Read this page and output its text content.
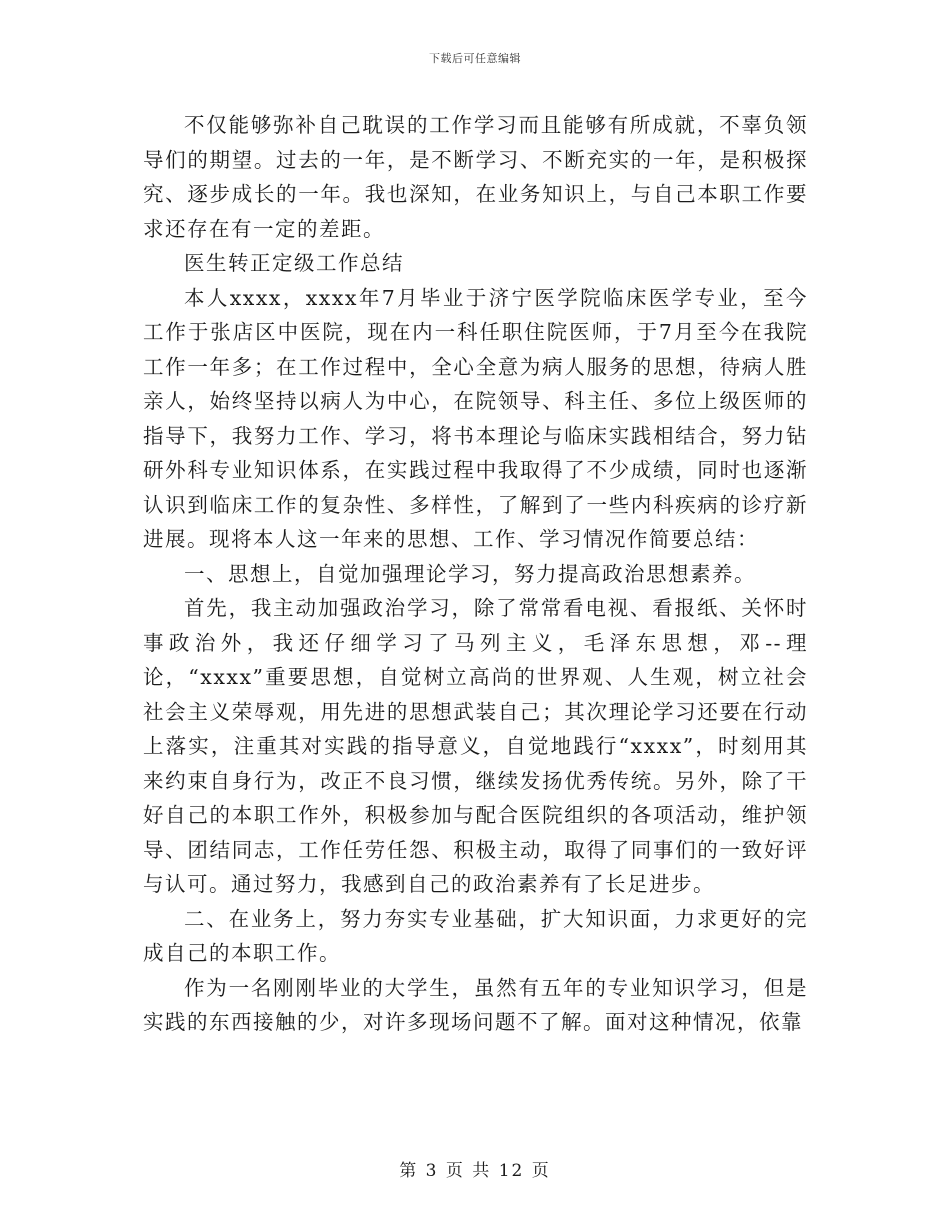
下载后可任意编辑

不仅能够弥补自己耽误的工作学习而且能够有所成就，不辜负领导们的期望。过去的一年，是不断学习、不断充实的一年，是积极探究、逐步成长的一年。我也深知，在业务知识上，与自己本职工作要求还存在有一定的差距。

医生转正定级工作总结

本人xxxx，xxxx年7月毕业于济宁医学院临床医学专业，至今工作于张店区中医院，现在内一科任职住院医师，于7月至今在我院工作一年多；在工作过程中，全心全意为病人服务的思想，待病人胜亲人，始终坚持以病人为中心，在院领导、科主任、多位上级医师的指导下，我努力工作、学习，将书本理论与临床实践相结合，努力钻研外科专业知识体系，在实践过程中我取得了不少成绩，同时也逐渐认识到临床工作的复杂性、多样性，了解到了一些内科疾病的诊疗新进展。现将本人这一年来的思想、工作、学习情况作简要总结：

一、思想上，自觉加强理论学习，努力提高政治思想素养。

首先，我主动加强政治学习，除了常常看电视、看报纸、关怀时事政治外，我还仔细学习了马列主义，毛泽东思想，邓--理论，“xxxx”重要思想，自觉树立高尚的世界观、人生观，树立社会社会主义荣辱观，用先进的思想武装自己；其次理论学习还要在行动上落实，注重其对实践的指导意义，自觉地践行“xxxx”，时刻用其来约束自身行为，改正不良习惯，继续发扬优秀传统。另外，除了干好自己的本职工作外，积极参加与配合医院组织的各项活动，维护领导、团结同志，工作任劳任怨、积极主动，取得了同事们的一致好评与认可。通过努力，我感到自己的政治素养有了长足进步。

二、在业务上，努力夯实专业基础，扩大知识面，力求更好的完成自己的本职工作。

作为一名刚刚毕业的大学生，虽然有五年的专业知识学习，但是实践的东西接触的少，对许多现场问题不了解。面对这种情况，依靠

第 3 页 共 12 页
